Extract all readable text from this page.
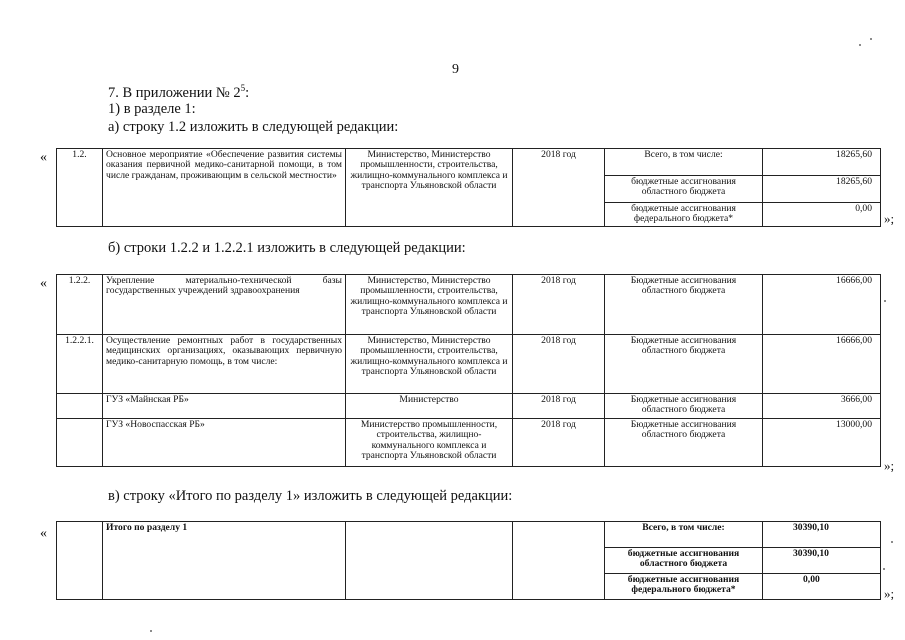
9
7. В приложении № $2^5$:
1) в разделе 1:
а) строку 1.2 изложить в следующей редакции:
«	1.2.	Основное мероприятие «Обеспечение развития системы оказания первичной медико-санитарной помощи, в том числе гражданам, проживающим в сельской местности»	Министерство, Министерство промышленности, строительства, жилищно-коммунального комплекса и транспорта Ульяновской области	2018 год	Всего, в том числе:	18265,60
				бюджетные ассигнования областного бюджета	18265,60
				бюджетные ассигнования федерального бюджета*	0,00
»;
б) строки 1.2.2 и 1.2.2.1 изложить в следующей редакции:
« 1.2.2.	Укрепление материально-технической базы государственных учреждений здравоохранения	Министерство, Министерство промышленности, строительства, жилищно-коммунального комплекса и транспорта Ульяновской области	2018 год	Бюджетные ассигнования областного бюджета	16666,00
1.2.2.1.	Осуществление ремонтных работ в государственных медицинских организациях, оказывающих первичную медико-санитарную помощь, в том числе:	Министерство, Министерство промышленности, строительства, жилищно-коммунального комплекса и транспорта Ульяновской области	2018 год	Бюджетные ассигнования областного бюджета	16666,00
	ГУЗ «Майнская РБ»	Министерство	2018 год	Бюджетные ассигнования областного бюджета	3666,00
	ГУЗ «Новоспасская РБ»	Министерство промышленности, строительства, жилищно-коммунального комплекса и транспорта Ульяновской области	2018 год	Бюджетные ассигнования областного бюджета	13000,00
»;
в) строку «Итого по разделу 1» изложить в следующей редакции:
«
		Итого по разделу 1			Всего, в том числе:	30390,10
				бюджетные ассигнования областного бюджета	30390,10
				бюджетные ассигнования федерального бюджета*	0,00
»;
